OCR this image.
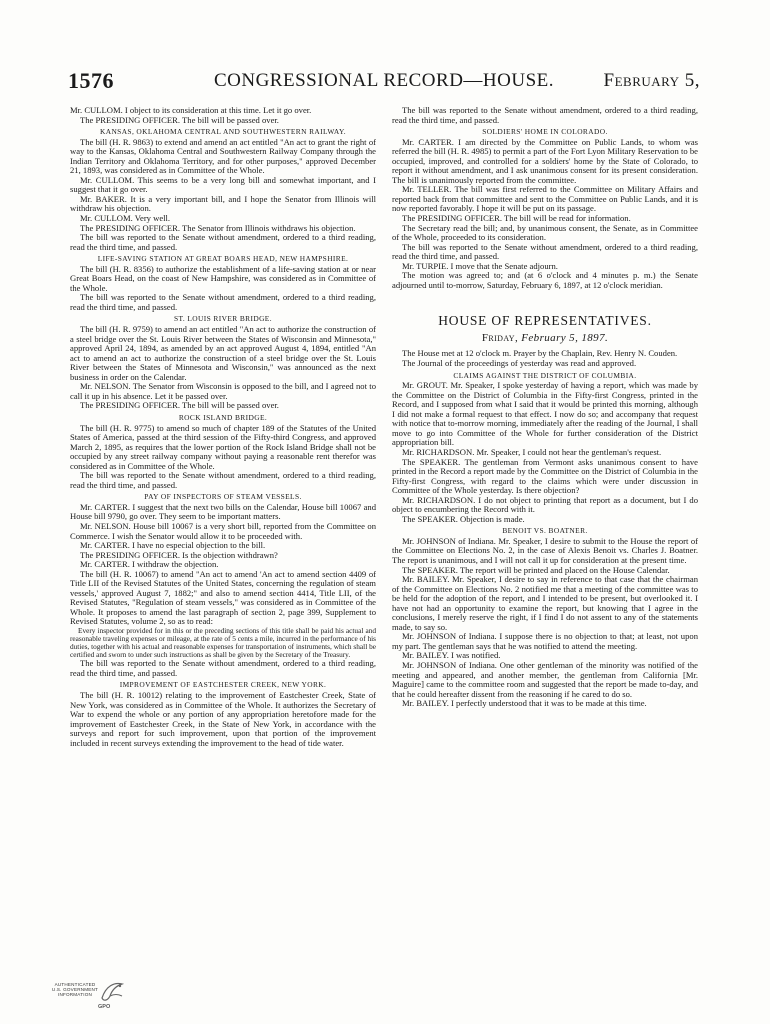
1576	CONGRESSIONAL RECORD—HOUSE.	February 5,

Mr. CULLOM. I object to its consideration at this time. Let it go over.

The PRESIDING OFFICER. The bill will be passed over.

KANSAS, OKLAHOMA CENTRAL AND SOUTHWESTERN RAILWAY.

The bill (H. R. 9863) to extend and amend an act entitled "An act to grant the right of way to the Kansas, Oklahoma Central and Southwestern Railway Company through the Indian Territory and Oklahoma Territory, and for other purposes," approved December 21, 1893, was considered as in Committee of the Whole.

Mr. CULLOM. This seems to be a very long bill and somewhat important, and I suggest that it go over.

Mr. BAKER. It is a very important bill, and I hope the Senator from Illinois will withdraw his objection.

Mr. CULLOM. Very well.

The PRESIDING OFFICER. The Senator from Illinois withdraws his objection.

The bill was reported to the Senate without amendment, ordered to a third reading, read the third time, and passed.

LIFE-SAVING STATION AT GREAT BOARS HEAD, NEW HAMPSHIRE.

The bill (H. R. 8356) to authorize the establishment of a life-saving station at or near Great Boars Head, on the coast of New Hampshire, was considered as in Committee of the Whole.

The bill was reported to the Senate without amendment, ordered to a third reading, read the third time, and passed.

ST. LOUIS RIVER BRIDGE.

The bill (H. R. 9759) to amend an act entitled "An act to authorize the construction of a steel bridge over the St. Louis River between the States of Wisconsin and Minnesota," approved April 24, 1894, as amended by an act approved August 4, 1894, entitled "An act to amend an act to authorize the construction of a steel bridge over the St. Louis River between the States of Minnesota and Wisconsin," was announced as the next business in order on the Calendar.

Mr. NELSON. The Senator from Wisconsin is opposed to the bill, and I agreed not to call it up in his absence. Let it be passed over.

The PRESIDING OFFICER. The bill will be passed over.

ROCK ISLAND BRIDGE.

The bill (H. R. 9775) to amend so much of chapter 189 of the Statutes of the United States of America, passed at the third session of the Fifty-third Congress, and approved March 2, 1895, as requires that the lower portion of the Rock Island Bridge shall not be occupied by any street railway company without paying a reasonable rent therefor was considered as in Committee of the Whole.

The bill was reported to the Senate without amendment, ordered to a third reading, read the third time, and passed.

PAY OF INSPECTORS OF STEAM VESSELS.

Mr. CARTER. I suggest that the next two bills on the Calendar, House bill 10067 and House bill 9790, go over. They seem to be important matters.

Mr. NELSON. House bill 10067 is a very short bill, reported from the Committee on Commerce. I wish the Senator would allow it to be proceeded with.

Mr. CARTER. I have no especial objection to the bill.

The PRESIDING OFFICER. Is the objection withdrawn?

Mr. CARTER. I withdraw the objection.

The bill (H. R. 10067) to amend "An act to amend 'An act to amend section 4409 of Title LII of the Revised Statutes of the United States, concerning the regulation of steam vessels,' approved August 7, 1882;" and also to amend section 4414, Title LII, of the Revised Statutes, "Regulation of steam vessels," was considered as in Committee of the Whole. It proposes to amend the last paragraph of section 2, page 399, Supplement to Revised Statutes, volume 2, so as to read:

Every inspector provided for in this or the preceding sections of this title shall be paid his actual and reasonable traveling expenses or mileage, at the rate of 5 cents a mile, incurred in the performance of his duties, together with his actual and reasonable expenses for transportation of instruments, which shall be certified and sworn to under such instructions as shall be given by the Secretary of the Treasury.

The bill was reported to the Senate without amendment, ordered to a third reading, read the third time, and passed.

IMPROVEMENT OF EASTCHESTER CREEK, NEW YORK.

The bill (H. R. 10012) relating to the improvement of Eastchester Creek, State of New York, was considered as in Committee of the Whole. It authorizes the Secretary of War to expend the whole or any portion of any appropriation heretofore made for the improvement of Eastchester Creek, in the State of New York, in accordance with the surveys and report for such improvement, upon that portion of the improvement included in recent surveys extending the improvement to the head of tide water.

The bill was reported to the Senate without amendment, ordered to a third reading, read the third time, and passed.

SOLDIERS' HOME IN COLORADO.

Mr. CARTER. I am directed by the Committee on Public Lands, to whom was referred the bill (H. R. 4985) to permit a part of the Fort Lyon Military Reservation to be occupied, improved, and controlled for a soldiers' home by the State of Colorado, to report it without amendment, and I ask unanimous consent for its present consideration. The bill is unanimously reported from the committee.

Mr. TELLER. The bill was first referred to the Committee on Military Affairs and reported back from that committee and sent to the Committee on Public Lands, and it is now reported favorably. I hope it will be put on its passage.

The PRESIDING OFFICER. The bill will be read for information.

The Secretary read the bill; and, by unanimous consent, the Senate, as in Committee of the Whole, proceeded to its consideration.

The bill was reported to the Senate without amendment, ordered to a third reading, read the third time, and passed.

Mr. TURPIE. I move that the Senate adjourn.

The motion was agreed to; and (at 6 o'clock and 4 minutes p. m.) the Senate adjourned until to-morrow, Saturday, February 6, 1897, at 12 o'clock meridian.

HOUSE OF REPRESENTATIVES.

Friday, February 5, 1897.

The House met at 12 o'clock m. Prayer by the Chaplain, Rev. Henry N. Couden.

The Journal of the proceedings of yesterday was read and approved.

CLAIMS AGAINST THE DISTRICT OF COLUMBIA.

Mr. GROUT. Mr. Speaker, I spoke yesterday of having a report, which was made by the Committee on the District of Columbia in the Fifty-first Congress, printed in the Record, and I supposed from what I said that it would be printed this morning, although I did not make a formal request to that effect. I now do so; and accompany that request with notice that to-morrow morning, immediately after the reading of the Journal, I shall move to go into Committee of the Whole for further consideration of the District appropriation bill.

Mr. RICHARDSON. Mr. Speaker, I could not hear the gentleman's request.

The SPEAKER. The gentleman from Vermont asks unanimous consent to have printed in the Record a report made by the Committee on the District of Columbia in the Fifty-first Congress, with regard to the claims which were under discussion in Committee of the Whole yesterday. Is there objection?

Mr. RICHARDSON. I do not object to printing that report as a document, but I do object to encumbering the Record with it.

The SPEAKER. Objection is made.

BENOIT VS. BOATNER.

Mr. JOHNSON of Indiana. Mr. Speaker, I desire to submit to the House the report of the Committee on Elections No. 2, in the case of Alexis Benoit vs. Charles J. Boatner. The report is unanimous, and I will not call it up for consideration at the present time.

The SPEAKER. The report will be printed and placed on the House Calendar.

Mr. BAILEY. Mr. Speaker, I desire to say in reference to that case that the chairman of the Committee on Elections No. 2 notified me that a meeting of the committee was to be held for the adoption of the report, and I intended to be present, but overlooked it. I have not had an opportunity to examine the report, but knowing that I agree in the conclusions, I merely reserve the right, if I find I do not assent to any of the statements made, to say so.

Mr. JOHNSON of Indiana. I suppose there is no objection to that; at least, not upon my part. The gentleman says that he was notified to attend the meeting.

Mr. BAILEY. I was notified.

Mr. JOHNSON of Indiana. One other gentleman of the minority was notified of the meeting and appeared, and another member, the gentleman from California [Mr. Maguire] came to the committee room and suggested that the report be made to-day, and that he could hereafter dissent from the reasoning if he cared to do so.

Mr. BAILEY. I perfectly understood that it was to be made at this time.

AUTHENTICATED
U.S. GOVERNMENT
INFORMATION
GPO
